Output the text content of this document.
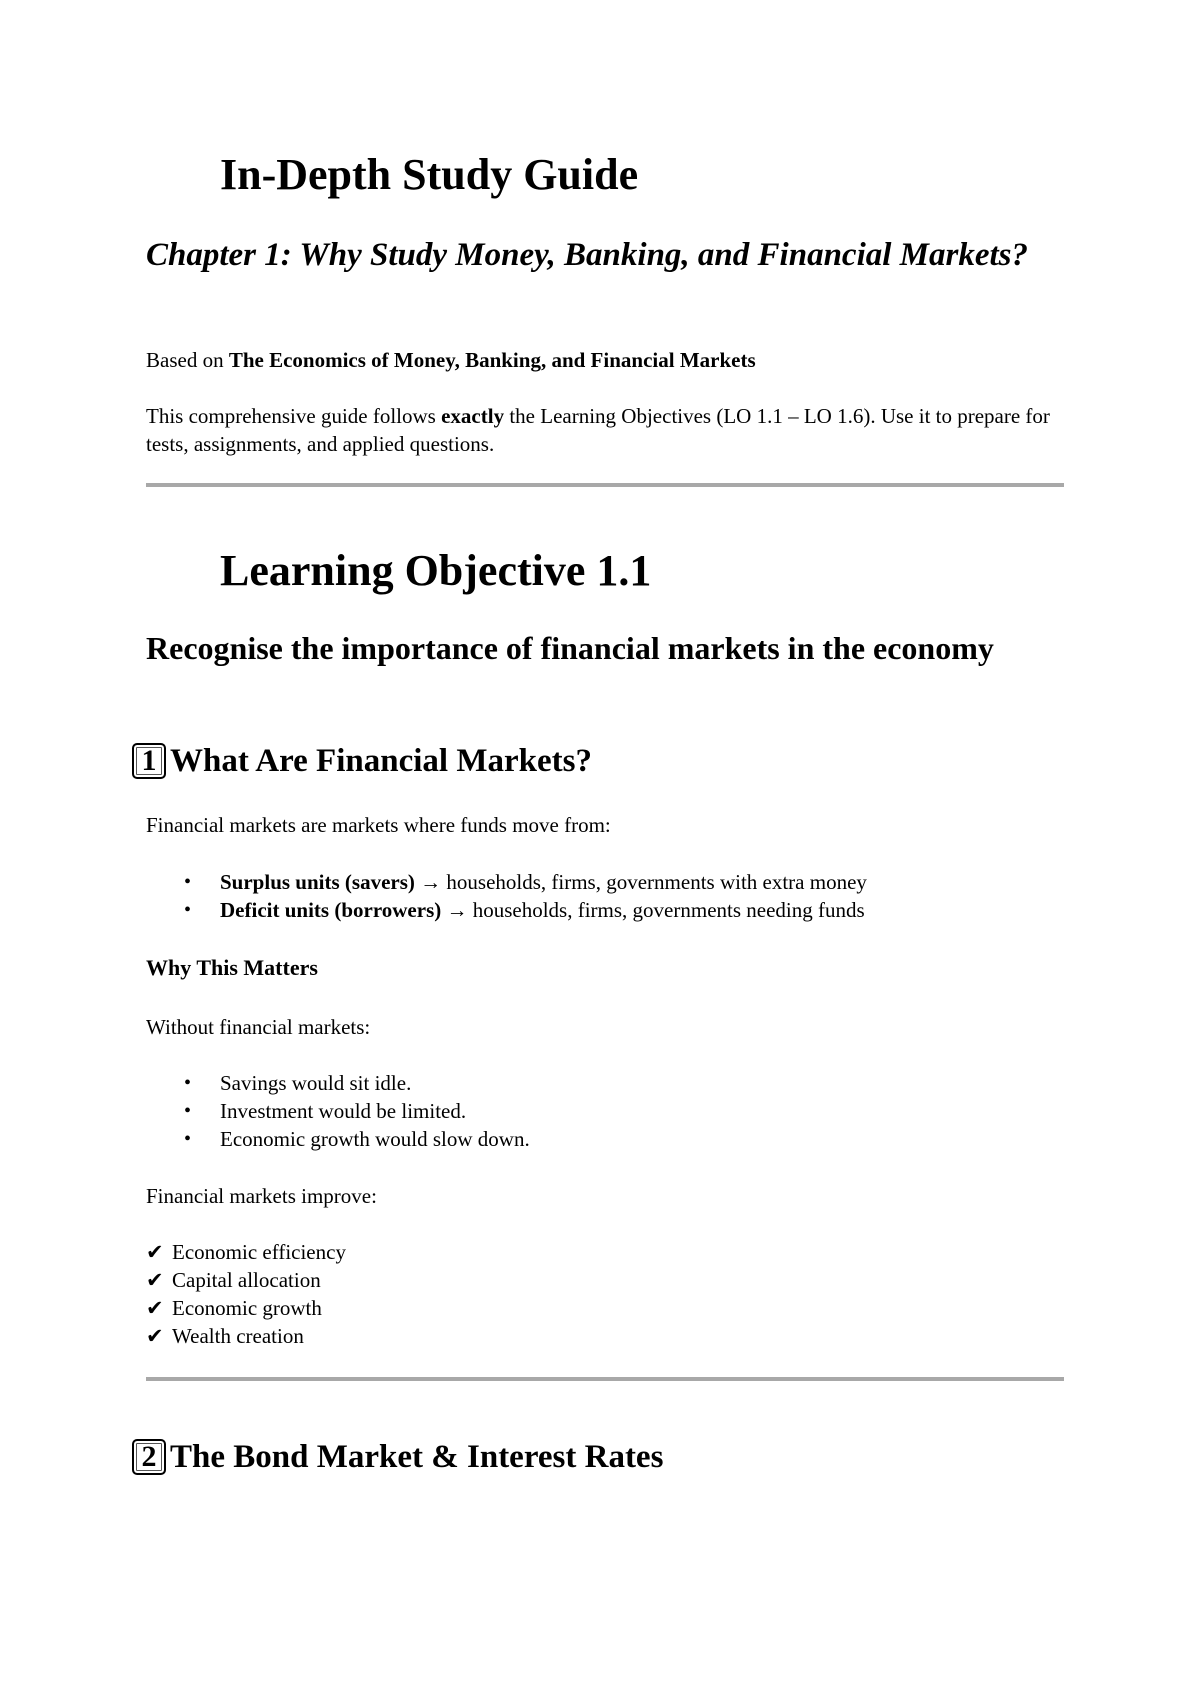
In-Depth Study Guide
Chapter 1: Why Study Money, Banking, and Financial Markets?

Based on The Economics of Money, Banking, and Financial Markets

This comprehensive guide follows exactly the Learning Objectives (LO 1.1 – LO 1.6). Use it to prepare for tests, assignments, and applied questions.

Learning Objective 1.1
Recognise the importance of financial markets in the economy
1 What Are Financial Markets?

Financial markets are markets where funds move from:

• Surplus units (savers) → households, firms, governments with extra money
• Deficit units (borrowers) → households, firms, governments needing funds
Why This Matters

Without financial markets:

• Savings would sit idle.
• Investment would be limited.
• Economic growth would slow down.

Financial markets improve:

✔ Economic efficiency
✔ Capital allocation
✔ Economic growth
✔ Wealth creation
2 The Bond Market & Interest Rates
